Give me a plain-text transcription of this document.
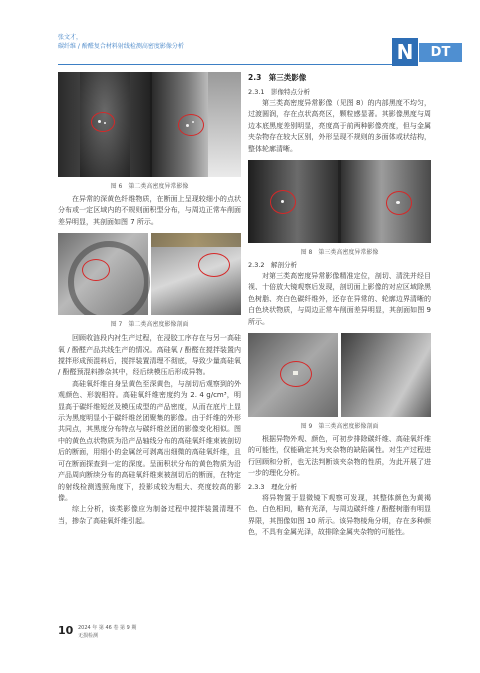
张文才，
碳纤维 / 酚醛复合材料射线检测高密度影像分析	N	DT

图 6　第二类高密度异常影像

在异常的深黄色纤维物质，在断面上呈现较细小的点状分布或一定区域内的不规则面积型分布，与周边正常车削面差异明显，其剖面如图 7 所示。

图 7　第二类高密度影像剖面

回顾收涟段内衬生产过程，在浸胶工序存在与另一高硅氧 / 酚醛产品共线生产的情况。高硅氧 / 酚醛在搅拌装置内搅拌形成预混料后，搅拌装置清理不彻底，导致少量高硅氧 / 酚醛预混料掺杂其中，经后续模压后形成异物。

高硅氧纤维自身呈黄色至深黄色，与剖切后观察到的外观颜色、形貌相符。高硅氧纤维密度约为 2. 4 g/cm³，明显高于碳纤维短丝及模压成型的产品密度，从而在底片上显示为黑度明显小于碳纤维丝团聚集的影像。由于纤维的外形共同点，其黑度分布特点与碳纤维丝团的影像变化相似。图中的黄色点状物质为沿产品轴线分布的高硅氧纤维束被剖切后的断面，用细小的金属丝可剥离出细微的高硅氧纤维，且可在断面探查到一定的深度。呈面积状分布的黄色物质为沿产品周向断续分布的高硅氧纤维束被剖切后的断面，在特定的射线检测透照角度下，投影成较为粗大、亮度较高的影像。

综上分析，该类影像应为制备过程中搅拌装置清理不当，掺杂了高硅氧纤维引起。

2.3　第三类影像

2.3.1　影像特点分析

第三类高密度异常影像（见图 8）的内部黑度不均匀，过渡圆润，存在点状高亮区，颗粒感显著。其影像黑度与周边本底黑度差别明显，亮度高于前两种影像亮度，但与金属夹杂物存在较大区别，外形呈现不规则的多面体或状结构，整体轮廓清晰。

图 8　第三类高密度异常影像

2.3.2　解剖分析

对第三类高密度异常影像精准定位，剖切、清洗并经目视、十倍放大镜观察后发现，剖切面上影像的对应区域除黑色树脂、亮白色碳纤维外，还存在异常的、轮廓边界清晰的白色块状物质，与周边正常车削面差异明显，其剖面如图 9 所示。

图 9　第三类高密度影像剖面

根据异物外观、颜色，可初步排除碳纤维、高硅氧纤维的可能性，仅能确定其为夹杂物的缺陷属性。对生产过程进行回顾和分析，也无法判断该夹杂物的性质，为此开展了进一步的理化分析。

2.3.3　理化分析

将异物置于显微镜下观察可发现，其整体颜色为黄褐色、白色相间，略有光泽，与周边碳纤维 / 酚醛树脂有明显界限，其图像如图 10 所示。该异物棱角分明，存在多种颜色，不具有金属光泽，故排除金属夹杂物的可能性。

10 2024 年 第 46 卷 第 9 期
无损检测
